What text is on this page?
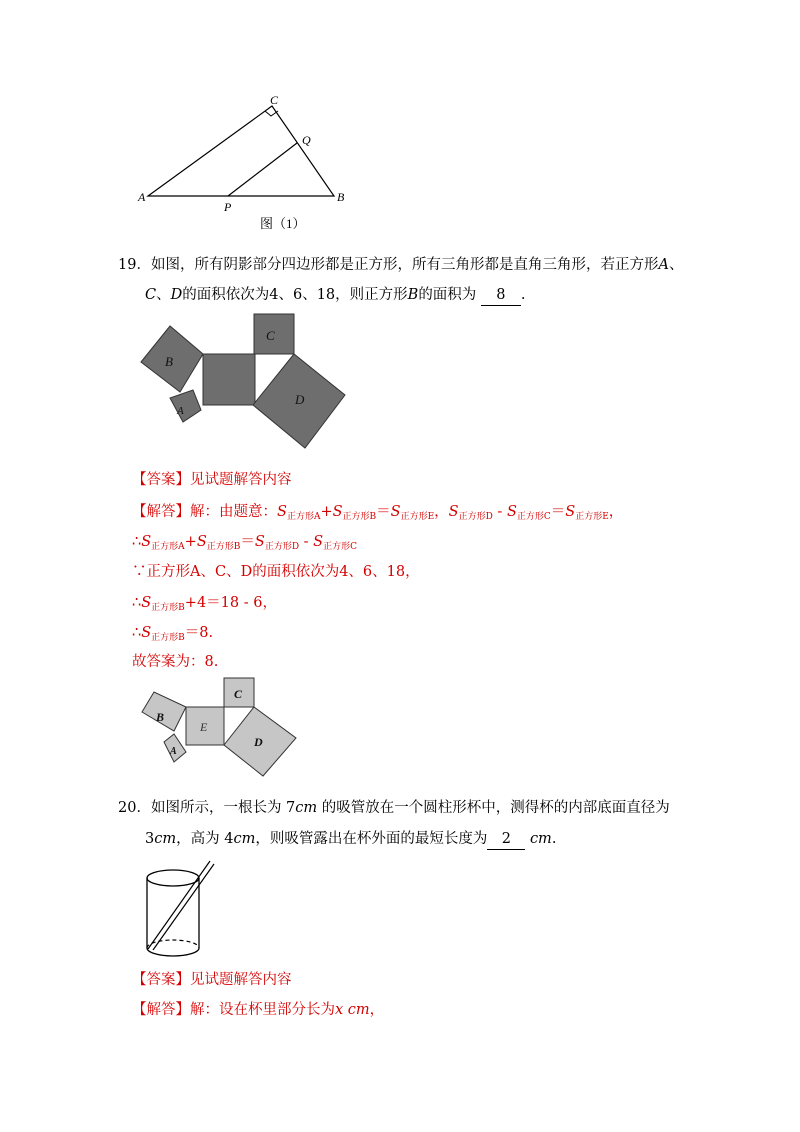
C
Q
A
P
B
图（1）
19．如图，所有阴影部分四边形都是正方形，所有三角形都是直角三角形，若正方形A、
C、D的面积依次为4、6、18，则正方形B的面积为 8 .
B
C
A
D
【答案】见试题解答内容
【解答】解：由题意：$S_{正方形A}+S_{正方形B}=S_{正方形E}$，$S_{正方形D} - S_{正方形C}=S_{正方形E}$，
$\therefore S_{正方形A}+S_{正方形B}=S_{正方形D} - S_{正方形C}$
∵正方形A、C、D的面积依次为4、6、18，
$\therefore S_{正方形B}+4=18 - 6$，
$\therefore S_{正方形B}=8$.
故答案为：8.
B
E
C
A
D
20．如图所示，一根长为 7cm 的吸管放在一个圆柱形杯中，测得杯的内部底面直径为
3cm，高为 4cm，则吸管露出在杯外面的最短长度为 2 cm.
【答案】见试题解答内容
【解答】解：设在杯里部分长为x cm，
